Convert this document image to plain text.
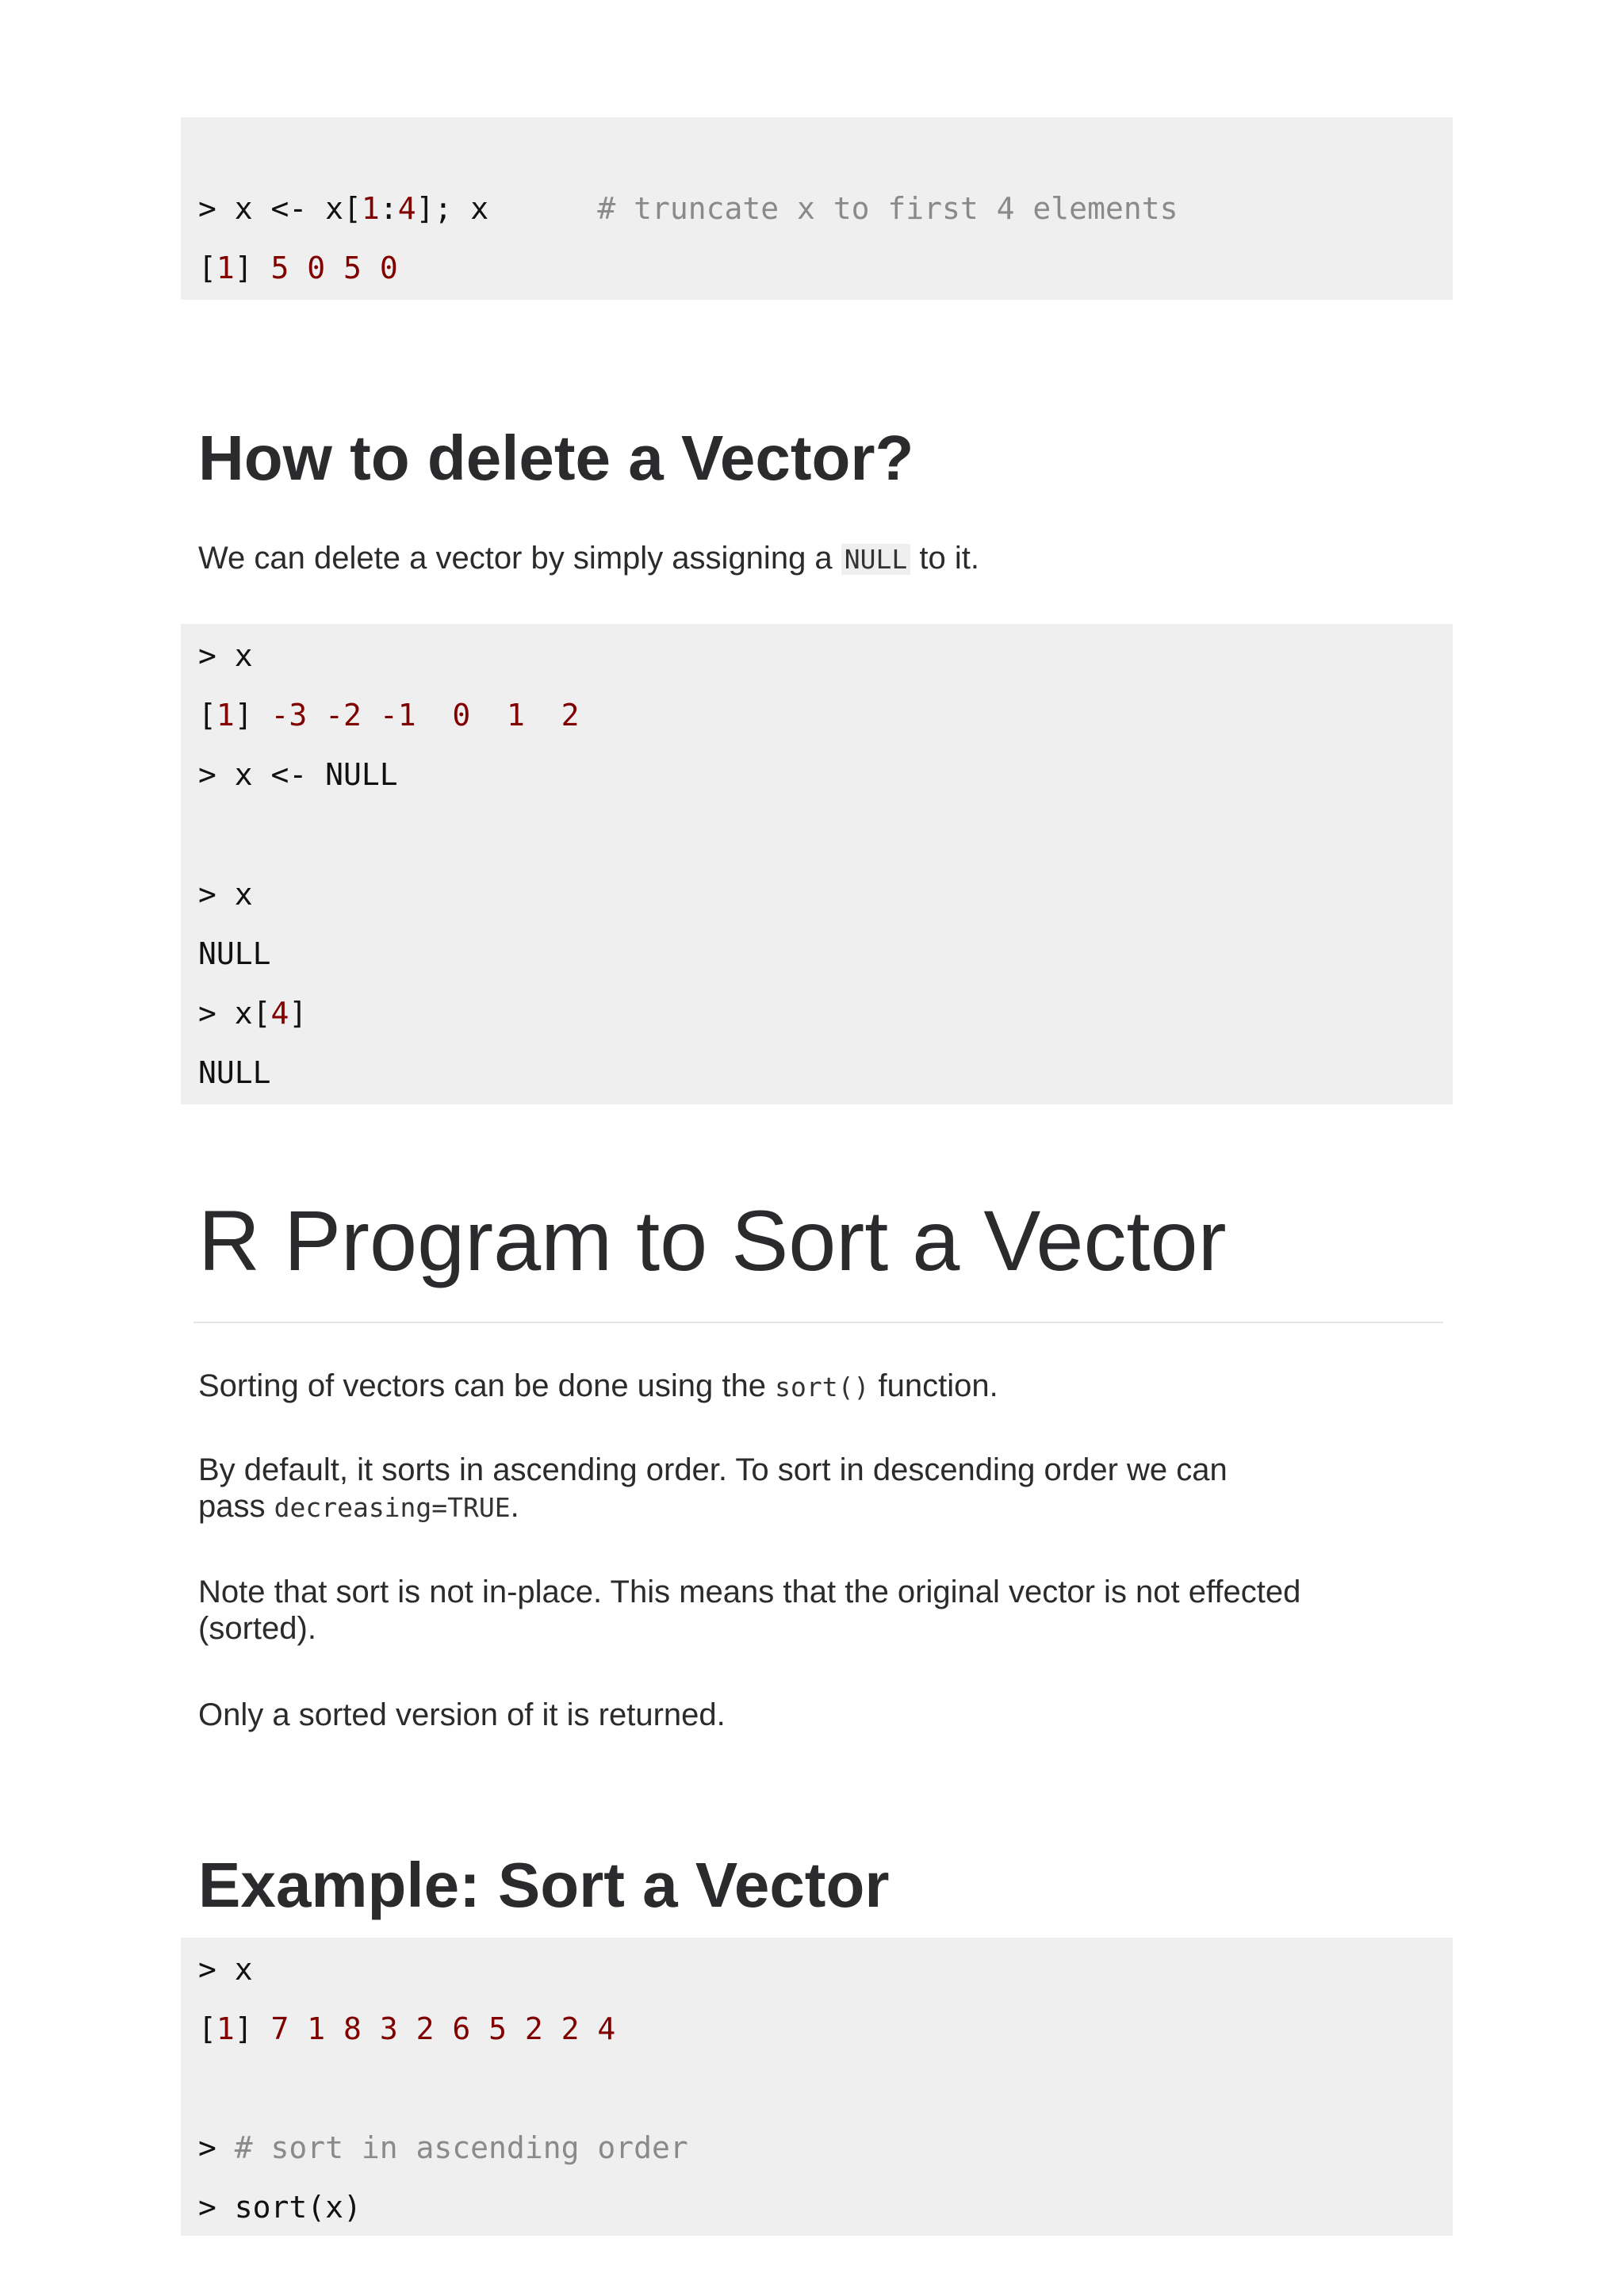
> x <- x[1:4]; x      # truncate x to first 4 elements
[1] 5 0 5 0
How to delete a Vector?

We can delete a vector by simply assigning a NULL to it.

> x
[1] -3 -2 -1  0  1  2
> x <- NULL
> x
NULL
> x[4]
NULL
R Program to Sort a Vector

Sorting of vectors can be done using the sort() function.

By default, it sorts in ascending order. To sort in descending order we can
pass decreasing=TRUE.

Note that sort is not in-place. This means that the original vector is not effected
(sorted).

Only a sorted version of it is returned.

Example: Sort a Vector
> x
[1] 7 1 8 3 2 6 5 2 2 4
> # sort in ascending order
> sort(x)
